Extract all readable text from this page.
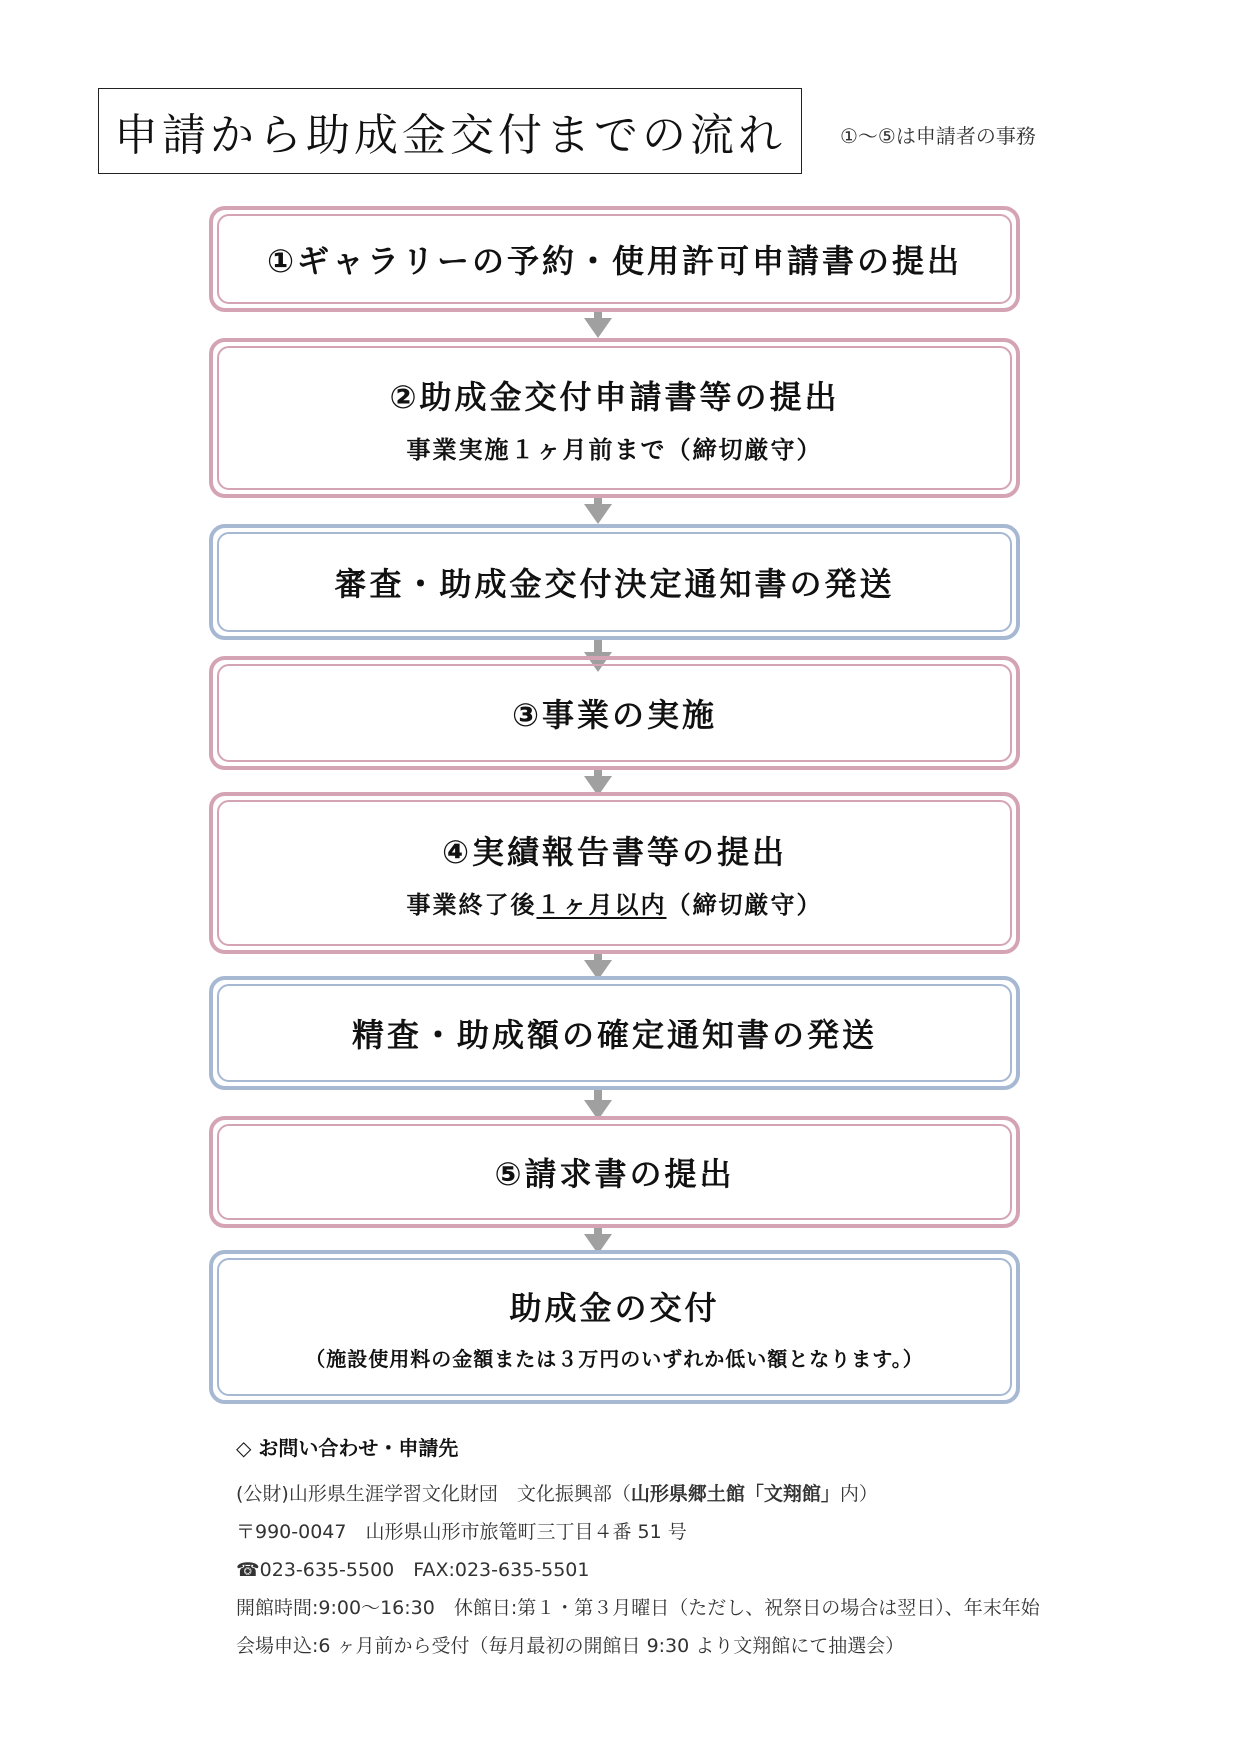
申請から助成金交付までの流れ	①～⑤は申請者の事務
①ギャラリーの予約・使用許可申請書の提出
②助成金交付申請書等の提出
事業実施１ヶ月前まで（締切厳守）
審査・助成金交付決定通知書の発送
③事業の実施
④実績報告書等の提出
事業終了後１ヶ月以内（締切厳守）
精査・助成額の確定通知書の発送
⑤請求書の提出
助成金の交付
（施設使用料の金額または３万円のいずれか低い額となります。）
◇ お問い合わせ・申請先
(公財)山形県生涯学習文化財団　文化振興部（山形県郷土館「文翔館」内）
〒990-0047　山形県山形市旅篭町三丁目４番 51 号
☎023-635-5500　FAX:023-635-5501
開館時間:9:00～16:30　休館日:第１・第３月曜日（ただし、祝祭日の場合は翌日）、年末年始
会場申込:6 ヶ月前から受付（毎月最初の開館日 9:30 より文翔館にて抽選会）
